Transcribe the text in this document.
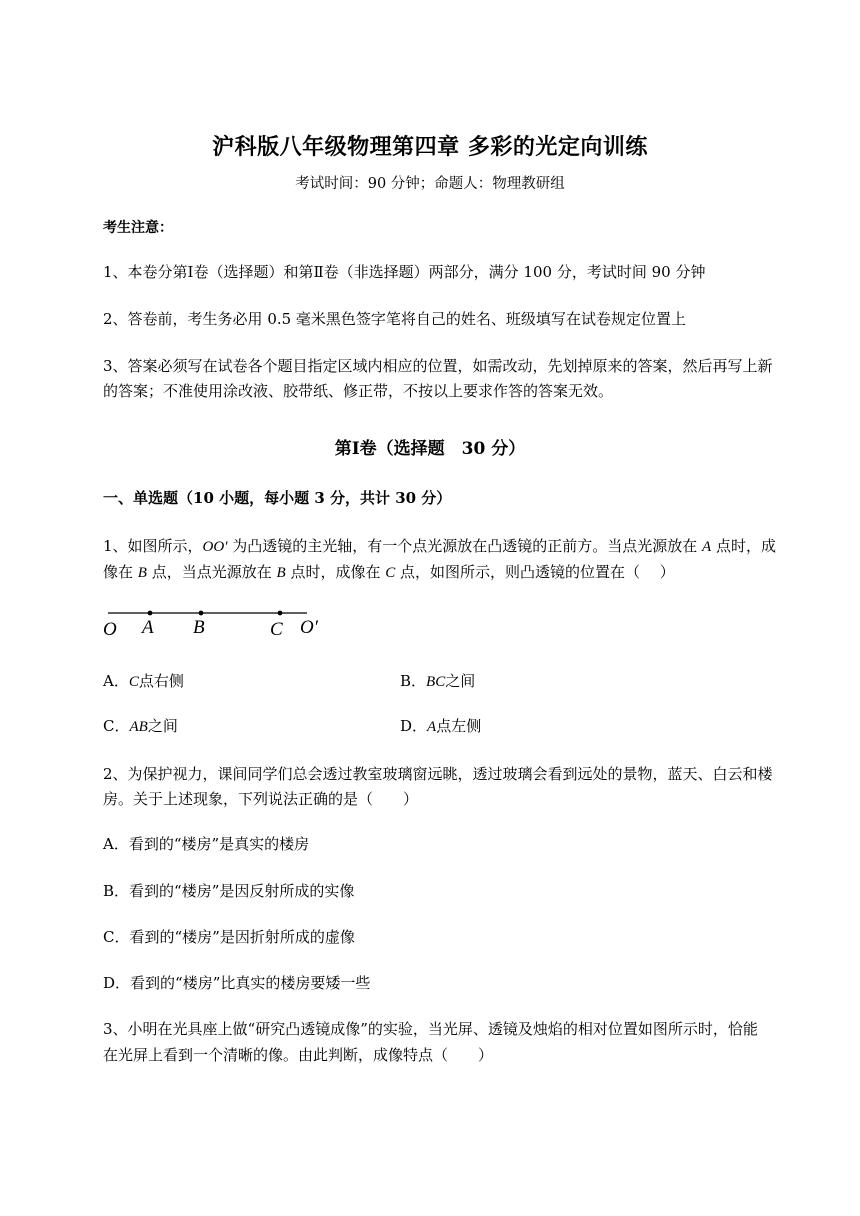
沪科版八年级物理第四章 多彩的光定向训练
考试时间：90 分钟；命题人：物理教研组
考生注意：
1、本卷分第Ⅰ卷（选择题）和第Ⅱ卷（非选择题）两部分，满分 100 分，考试时间 90 分钟
2、答卷前，考生务必用 0.5 毫米黑色签字笔将自己的姓名、班级填写在试卷规定位置上
3、答案必须写在试卷各个题目指定区域内相应的位置，如需改动，先划掉原来的答案，然后再写上新
的答案；不准使用涂改液、胶带纸、修正带，不按以上要求作答的答案无效。
第Ⅰ卷（选择题　30 分）
一、单选题（10 小题，每小题 3 分，共计 30 分）
1、如图所示，OO′ 为凸透镜的主光轴，有一个点光源放在凸透镜的正前方。当点光源放在 A 点时，成
像在 B 点，当点光源放在 B 点时，成像在 C 点，如图所示，则凸透镜的位置在（　 ）
O A B	C O′
A．C点右侧	B．BC之间
C．AB之间	D．A点左侧
2、为保护视力，课间同学们总会透过教室玻璃窗远眺，透过玻璃会看到远处的景物，蓝天、白云和楼
房。关于上述现象，下列说法正确的是（　　）
A．看到的“楼房”是真实的楼房
B．看到的“楼房”是因反射所成的实像
C．看到的“楼房”是因折射所成的虚像
D．看到的“楼房”比真实的楼房要矮一些
3、小明在光具座上做“研究凸透镜成像”的实验，当光屏、透镜及烛焰的相对位置如图所示时，恰能
在光屏上看到一个清晰的像。由此判断，成像特点（　　）
